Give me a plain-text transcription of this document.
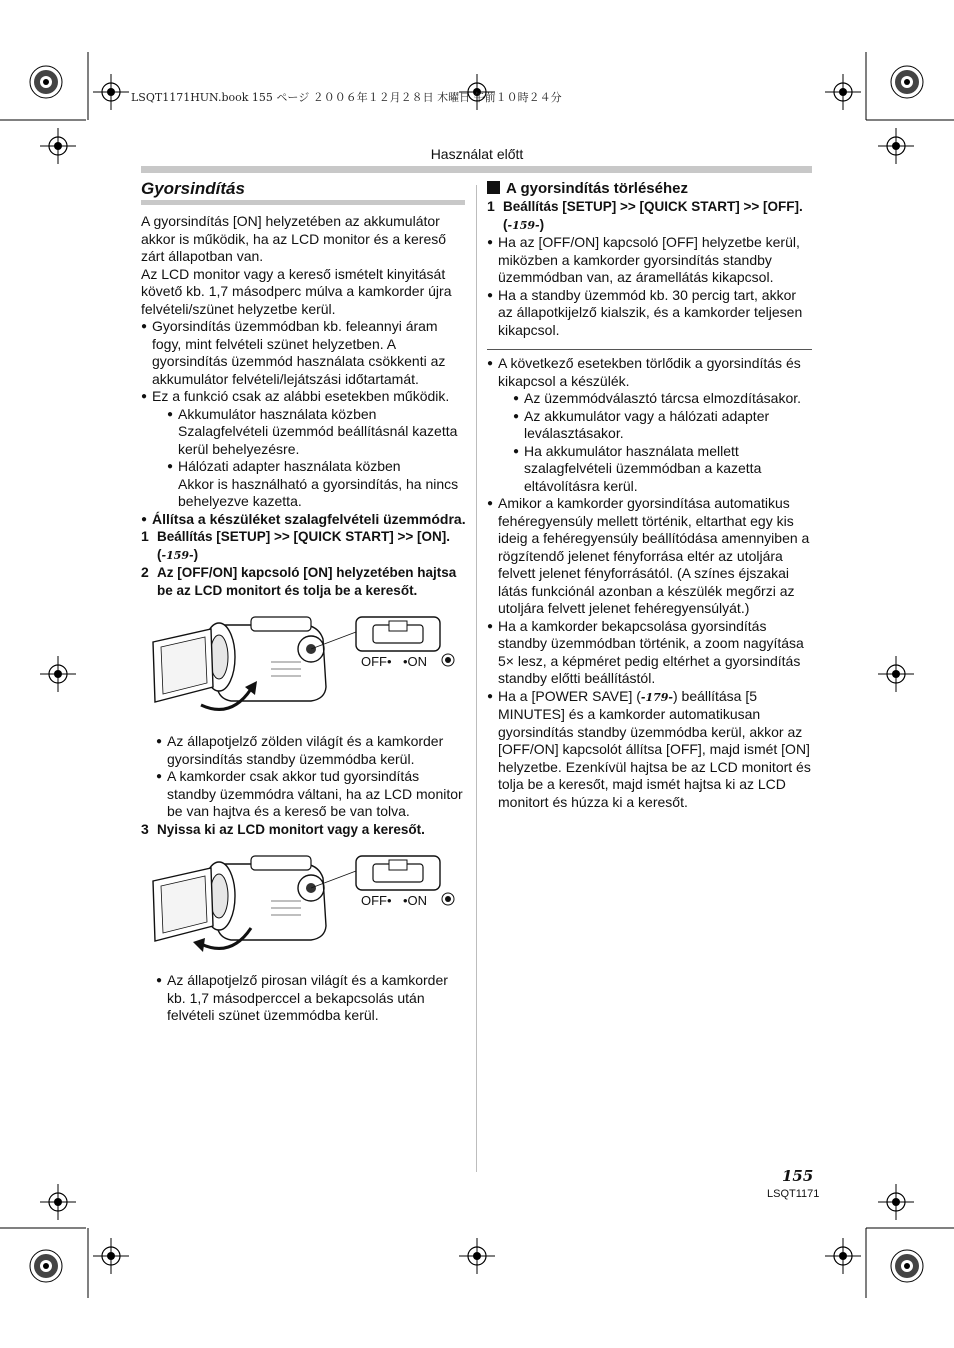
LSQT1171HUN.book 155 ページ ２００６年１２月２８日 木曜日 午前１０時２４分
Használat előtt

Gyorsindítás

A gyorsindítás [ON] helyzetében az akkumulátor akkor is működik, ha az LCD monitor és a kereső zárt állapotban van.

Az LCD monitor vagy a kereső ismételt kinyitását követő kb. 1,7 másodperc múlva a kamkorder újra felvételi/szünet helyzetbe kerül.

● Gyorsindítás üzemmódban kb. feleannyi áram fogy, mint felvételi szünet helyzetben. A gyorsindítás üzemmód használata csökkenti az akkumulátor felvételi/lejátszási időtartamát.

● Ez a funkció csak az alábbi esetekben működik.

● Akkumulátor használata közben

Szalagfelvételi üzemmód beállításnál kazetta kerül behelyezésre.

● Hálózati adapter használata közben

Akkor is használható a gyorsindítás, ha nincs behelyezve kazetta.

● Állítsa a készüléket szalagfelvételi üzemmódra.

1 Beállítás [SETUP] >> [QUICK START] >> [ON]. (-159-)

2 Az [OFF/ON] kapcsoló [ON] helyzetében hajtsa be az LCD monitort és tolja be a keresőt.

OFF• •ON

● Az állapotjelző zölden világít és a kamkorder gyorsindítás standby üzemmódba kerül.

● A kamkorder csak akkor tud gyorsindítás standby üzemmódra váltani, ha az LCD monitor be van hajtva és a kereső be van tolva.

3 Nyissa ki az LCD monitort vagy a keresőt.

OFF• •ON

● Az állapotjelző pirosan világít és a kamkorder kb. 1,7 másodperccel a bekapcsolás után felvételi szünet üzemmódba kerül.

A gyorsindítás törléséhez

1 Beállítás [SETUP] >> [QUICK START] >> [OFF]. (-159-)

● Ha az [OFF/ON] kapcsoló [OFF] helyzetbe kerül, miközben a kamkorder gyorsindítás standby üzemmódban van, az áramellátás kikapcsol.

● Ha a standby üzemmód kb. 30 percig tart, akkor az állapotkijelző kialszik, és a kamkorder teljesen kikapcsol.

● A következő esetekben törlődik a gyorsindítás és kikapcsol a készülék.

● Az üzemmódválasztó tárcsa elmozdításakor.

● Az akkumulátor vagy a hálózati adapter leválasztásakor.

● Ha akkumulátor használata mellett szalagfelvételi üzemmódban a kazetta eltávolításra kerül.

● Amikor a kamkorder gyorsindítása automatikus fehéregyensúly mellett történik, eltarthat egy kis ideig a fehéregyensúly beállítódása amennyiben a rögzítendő jelenet fényforrása eltér az utoljára felvett jelenet fényforrásától. (A színes éjszakai látás funkciónál azonban a készülék megőrzi az utoljára felvett jelenet fehéregyensúlyát.)

● Ha a kamkorder bekapcsolása gyorsindítás standby üzemmódban történik, a zoom nagyítása 5× lesz, a képméret pedig eltérhet a gyorsindítás standby előtti beállítástól.

● Ha a [POWER SAVE] (-179-) beállítása [5 MINUTES] és a kamkorder automatikusan gyorsindítás standby üzemmódba kerül, akkor az [OFF/ON] kapcsolót állítsa [OFF], majd ismét [ON] helyzetbe. Ezenkívül hajtsa be az LCD monitort és tolja be a keresőt, majd ismét hajtsa ki az LCD monitort és húzza ki a keresőt.

155
LSQT1171
